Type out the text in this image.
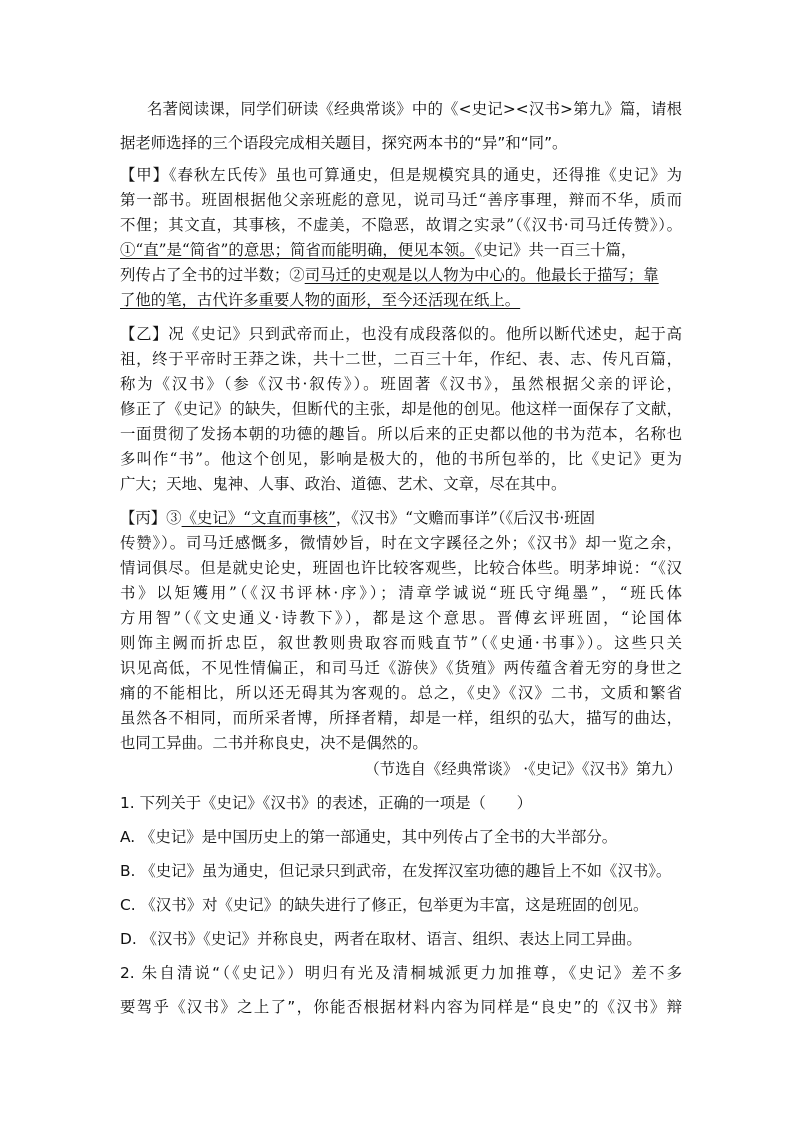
名著阅读课，同学们研读《经典常谈》中的《<史记><汉书>第九》篇，请根
据老师选择的三个语段完成相关题目，探究两本书的“异”和“同”。
【甲】《春秋左氏传》虽也可算通史，但是规模究具的通史，还得推《史记》为
第一部书。班固根据他父亲班彪的意见，说司马迁“善序事理，辩而不华，质而
不俚；其文直，其事核，不虚美，不隐恶，故谓之实录”（《汉书·司马迁传赞》）。
①“直”是“简省”的意思；简省而能明确，便见本领。《史记》共一百三十篇，
列传占了全书的过半数；②司马迁的史观是以人物为中心的。他最长于描写；靠
了他的笔，古代许多重要人物的面形，至今还活现在纸上。
【乙】况《史记》只到武帝而止，也没有成段落似的。他所以断代述史，起于高
祖，终于平帝时王莽之诛，共十二世，二百三十年，作纪、表、志、传凡百篇，
称为《汉书》（参《汉书·叙传》）。班固著《汉书》，虽然根据父亲的评论，
修正了《史记》的缺失，但断代的主张，却是他的创见。他这样一面保存了文献，
一面贯彻了发扬本朝的功德的趣旨。所以后来的正史都以他的书为范本，名称也
多叫作“书”。他这个创见，影响是极大的，他的书所包举的，比《史记》更为
广大；天地、鬼神、人事、政治、道德、艺术、文章，尽在其中。
【丙】③《史记》“文直而事核”，《汉书》“文赡而事详”（《后汉书·班固
传赞》）。司马迁感慨多，微情妙旨，时在文字蹊径之外；《汉书》却一览之余，
情词俱尽。但是就史论史，班固也许比较客观些，比较合体些。明茅坤说：“《汉
书》以矩矱用”（《汉书评林·序》）；清章学诚说“班氏守绳墨”，“班氏体
方用智”（《文史通义·诗教下》），都是这个意思。晋傅玄评班固，“论国体
则饰主阙而折忠臣，叙世教则贵取容而贱直节”（《史通·书事》）。这些只关
识见高低，不见性情偏正，和司马迁《游侠》《货殖》两传蕴含着无穷的身世之
痛的不能相比，所以还无碍其为客观的。总之，《史》《汉》二书，文质和繁省
虽然各不相同，而所采者博，所择者精，却是一样，组织的弘大，描写的曲达，
也同工异曲。二书并称良史，决不是偶然的。
（节选自《经典常谈》 ·《史记》《汉书》第九）
1. 下列关于《史记》《汉书》的表述，正确的一项是（　　）
A. 《史记》是中国历史上的第一部通史，其中列传占了全书的大半部分。
B. 《史记》虽为通史，但记录只到武帝，在发挥汉室功德的趣旨上不如《汉书》。
C. 《汉书》对《史记》的缺失进行了修正，包举更为丰富，这是班固的创见。
D. 《汉书》《史记》并称良史，两者在取材、语言、组织、表达上同工异曲。
2. 朱自清说“（《史记》）明归有光及清桐城派更力加推尊，《史记》差不多
要驾乎《汉书》之上了”，你能否根据材料内容为同样是“良史”的《汉书》辩
